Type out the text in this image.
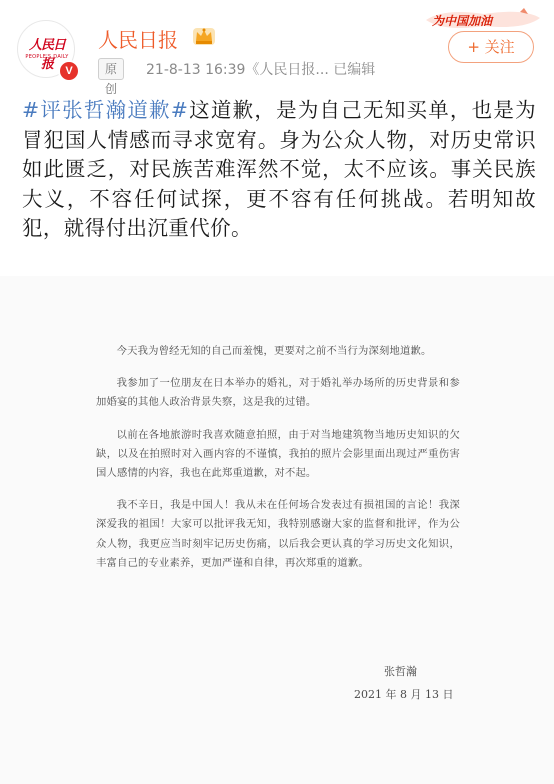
人民日报
PEOPLE'S DAILY
V
人民日报
原创
21-8-13 16:39《人民日报... 已编辑
为中国加油
+ 关注
#评张哲瀚道歉#这道歉，是为自己无知买单，也是为冒犯国人情感而寻求宽宥。身为公众人物，对历史常识如此匮乏，对民族苦难浑然不觉，太不应该。事关民族大义，不容任何试探，更不容有任何挑战。若明知故犯，就得付出沉重代价。

今天我为曾经无知的自己而羞愧，更要对之前不当行为深刻地道歉。

我参加了一位朋友在日本举办的婚礼，对于婚礼举办场所的历史背景和参加婚宴的其他人政治背景失察，这是我的过错。

以前在各地旅游时我喜欢随意拍照，由于对当地建筑物当地历史知识的欠缺，以及在拍照时对入画内容的不谨慎，我拍的照片会影里面出现过严重伤害国人感情的内容，我也在此郑重道歉，对不起。

我不辛日，我是中国人！我从未在任何场合发表过有损祖国的言论！我深深爱我的祖国！大家可以批评我无知，我特别感谢大家的监督和批评，作为公众人物，我更应当时刻牢记历史伤痛，以后我会更认真的学习历史文化知识，丰富自己的专业素养，更加严谨和自律，再次郑重的道歉。

张哲瀚
2021 年 8 月 13 日
